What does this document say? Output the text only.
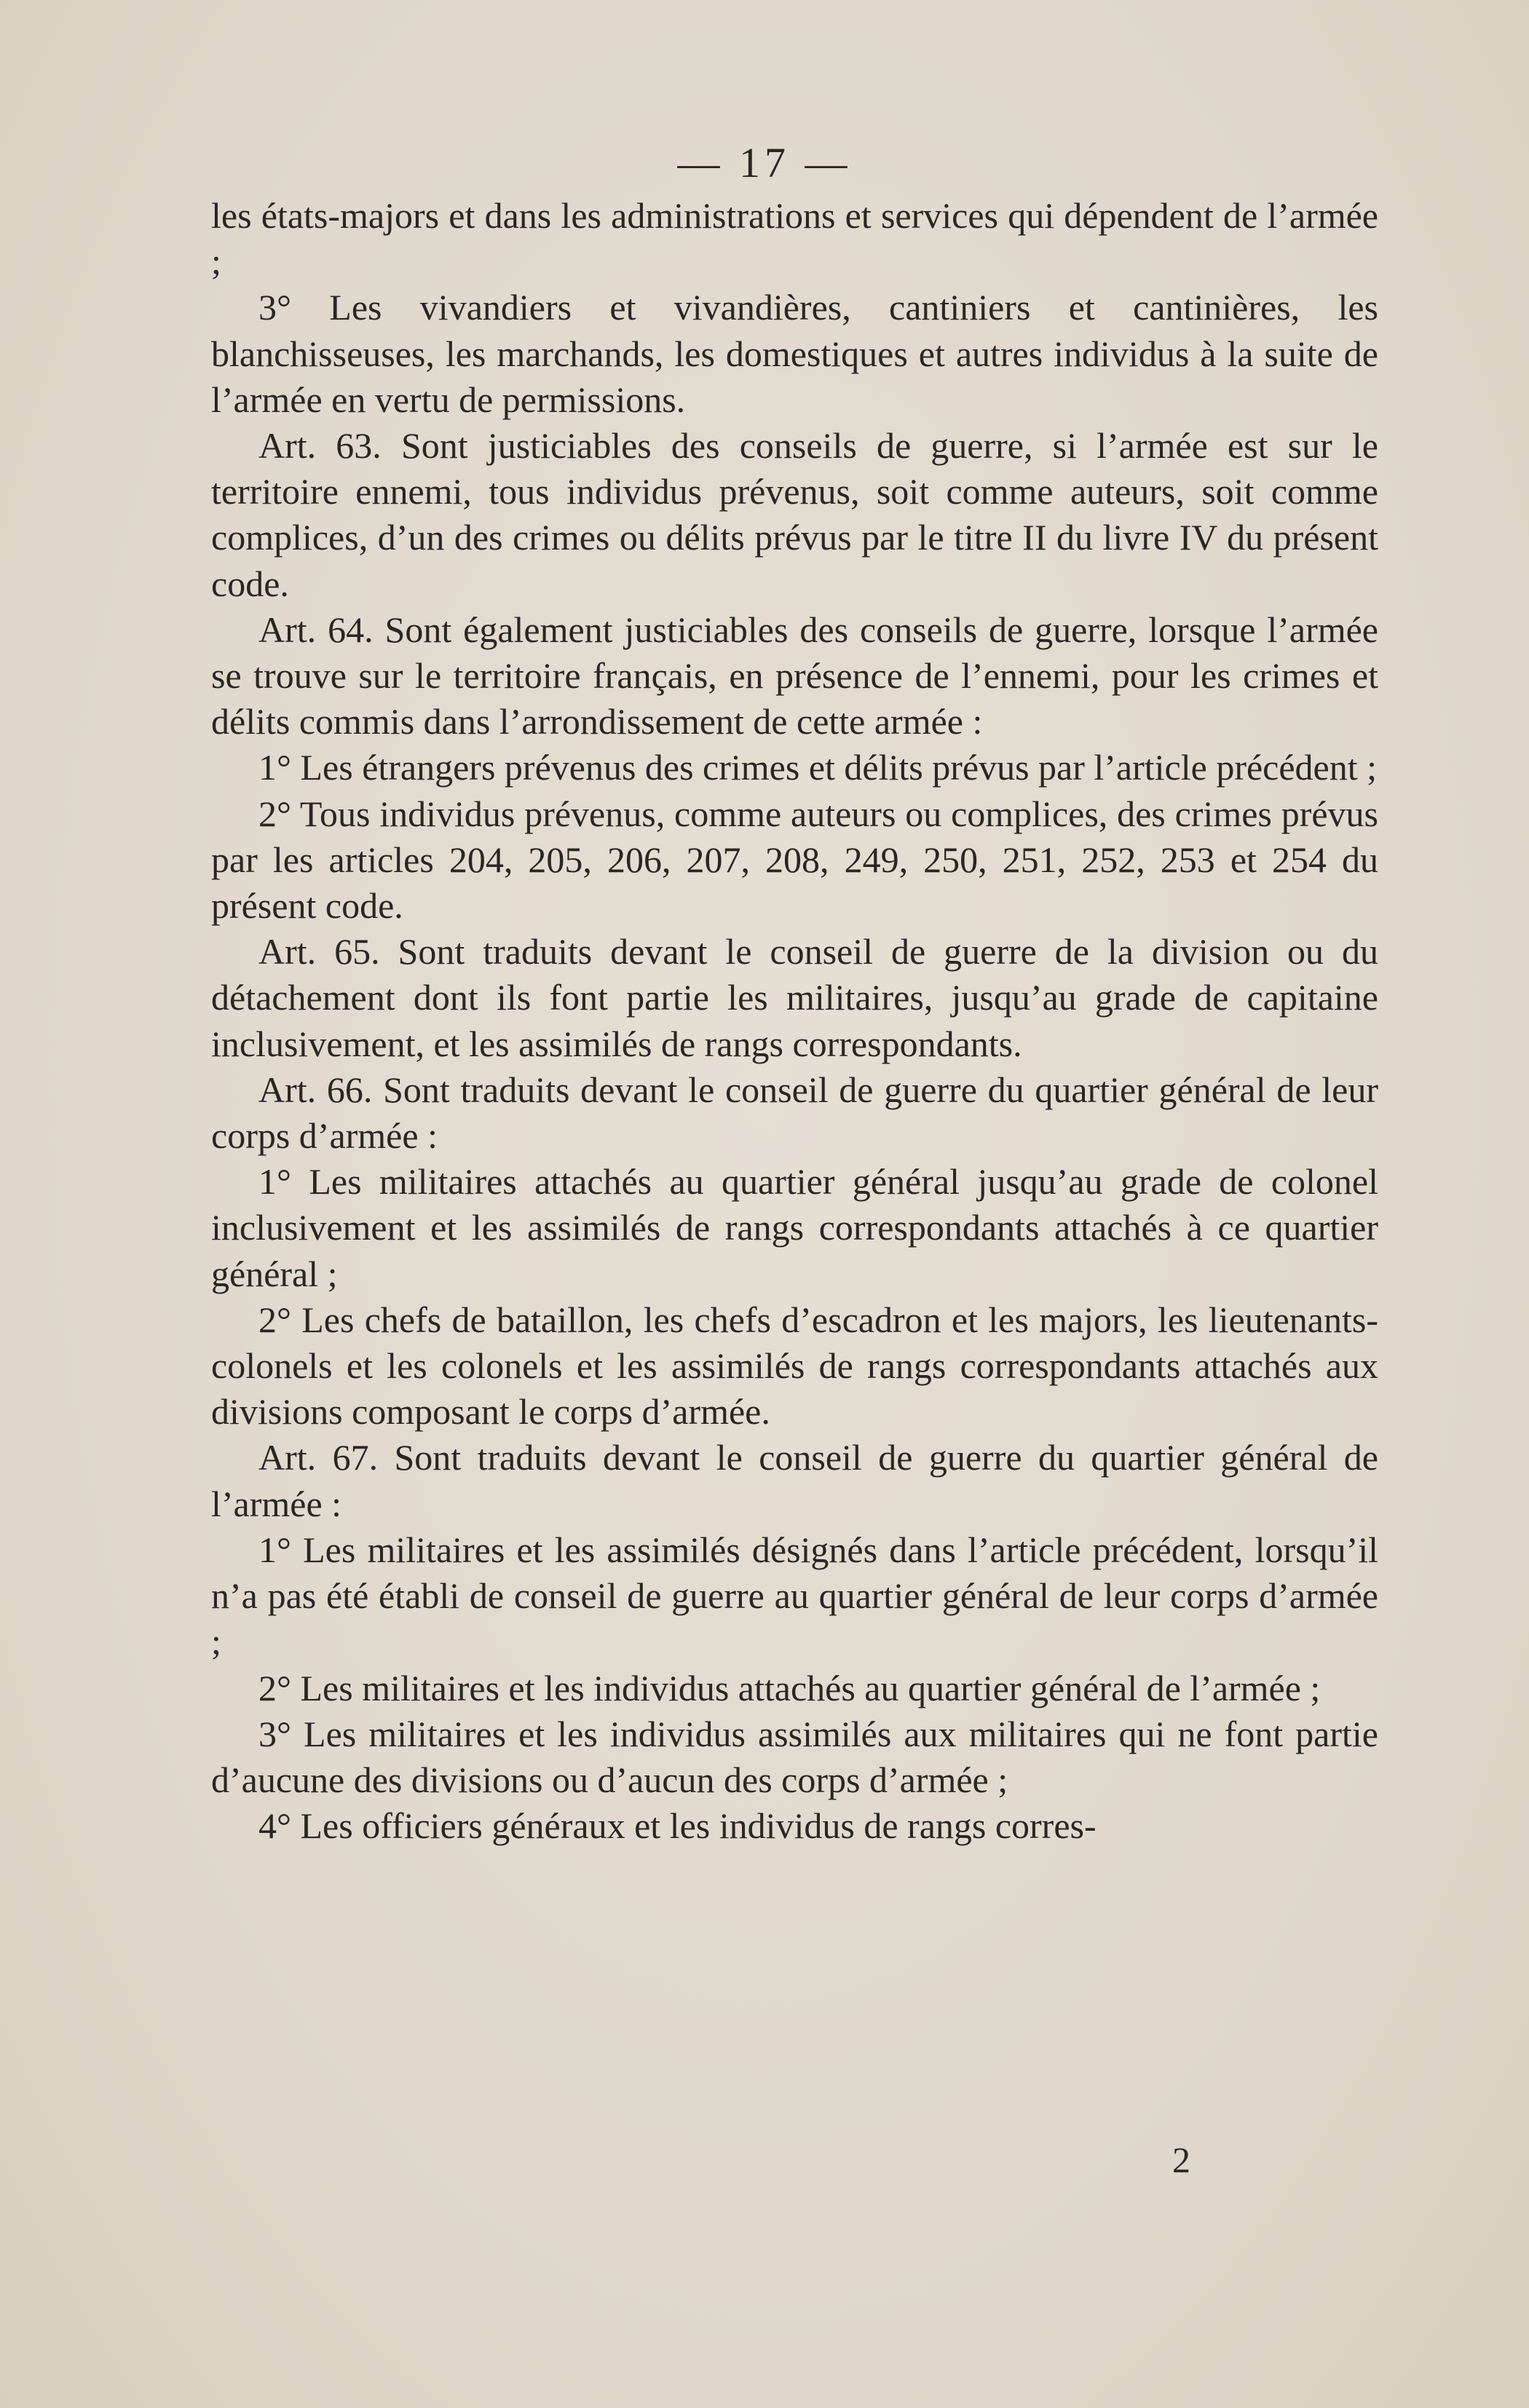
— 17 —

les états-majors et dans les administrations et services qui dépendent de l’armée ;

3° Les vivandiers et vivandières, cantiniers et cantinières, les blanchisseuses, les marchands, les domestiques et autres individus à la suite de l’armée en vertu de permissions.

Art. 63. Sont justiciables des conseils de guerre, si l’armée est sur le territoire ennemi, tous individus prévenus, soit comme auteurs, soit comme complices, d’un des crimes ou délits prévus par le titre II du livre IV du présent code.

Art. 64. Sont également justiciables des conseils de guerre, lorsque l’armée se trouve sur le territoire français, en présence de l’ennemi, pour les crimes et délits commis dans l’arrondissement de cette armée :

1° Les étrangers prévenus des crimes et délits prévus par l’article précédent ;

2° Tous individus prévenus, comme auteurs ou complices, des crimes prévus par les articles 204, 205, 206, 207, 208, 249, 250, 251, 252, 253 et 254 du présent code.

Art. 65. Sont traduits devant le conseil de guerre de la division ou du détachement dont ils font partie les militaires, jusqu’au grade de capitaine inclusivement, et les assimilés de rangs correspondants.

Art. 66. Sont traduits devant le conseil de guerre du quartier général de leur corps d’armée :

1° Les militaires attachés au quartier général jusqu’au grade de colonel inclusivement et les assimilés de rangs correspondants attachés à ce quartier général ;

2° Les chefs de bataillon, les chefs d’escadron et les majors, les lieutenants-colonels et les colonels et les assimilés de rangs correspondants attachés aux divisions composant le corps d’armée.

Art. 67. Sont traduits devant le conseil de guerre du quartier général de l’armée :

1° Les militaires et les assimilés désignés dans l’article précédent, lorsqu’il n’a pas été établi de conseil de guerre au quartier général de leur corps d’armée ;

2° Les militaires et les individus attachés au quartier général de l’armée ;

3° Les militaires et les individus assimilés aux militaires qui ne font partie d’aucune des divisions ou d’aucun des corps d’armée ;

4° Les officiers généraux et les individus de rangs corres-

2
